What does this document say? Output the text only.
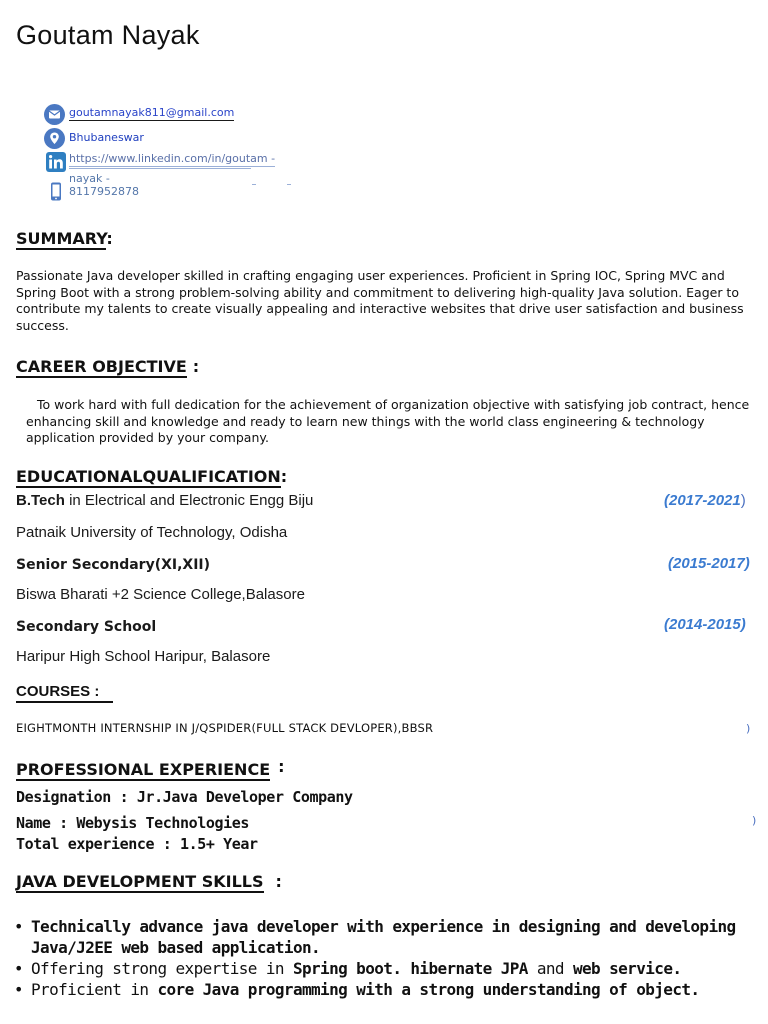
Goutam Nayak
goutamnayak811@gmail.com
Bhubaneswar
https://www.linkedin.com/in/goutam -
nayak -
8117952878
SUMMARY:
Passionate Java developer skilled in crafting engaging user experiences. Proficient in Spring IOC, Spring MVC and Spring Boot with a strong problem-solving ability and commitment to delivering high-quality Java solution. Eager to contribute my talents to create visually appealing and interactive websites that drive user satisfaction and business success.
CAREER OBJECTIVE :
To work hard with full dedication for the achievement of organization objective with satisfying job contract, hence enhancing skill and knowledge and ready to learn new things with the world class engineering & technology application provided by your company.
EDUCATIONALQUALIFICATION:
B.Tech in Electrical and Electronic Engg Biju	(2017-2021)
Patnaik University of Technology, Odisha
Senior Secondary(XI,XII)	(2015-2017)
Biswa Bharati +2 Science College,Balasore
Secondary School	(2014-2015)
Haripur High School Haripur, Balasore
COURSES :
EIGHTMONTH INTERNSHIP IN J/QSPIDER(FULL STACK DEVLOPER),BBSR	)
PROFESSIONAL EXPERIENCE :
Designation : Jr.Java Developer Company
Name : Webysis Technologies	)
Total experience : 1.5+ Year
JAVA DEVELOPMENT SKILLS :
• Technically advance java developer with experience in designing and developing Java/J2EE web based application.
• Offering strong expertise in Spring boot. hibernate JPA and web service.
• Proficient in core Java programming with a strong understanding of object.
